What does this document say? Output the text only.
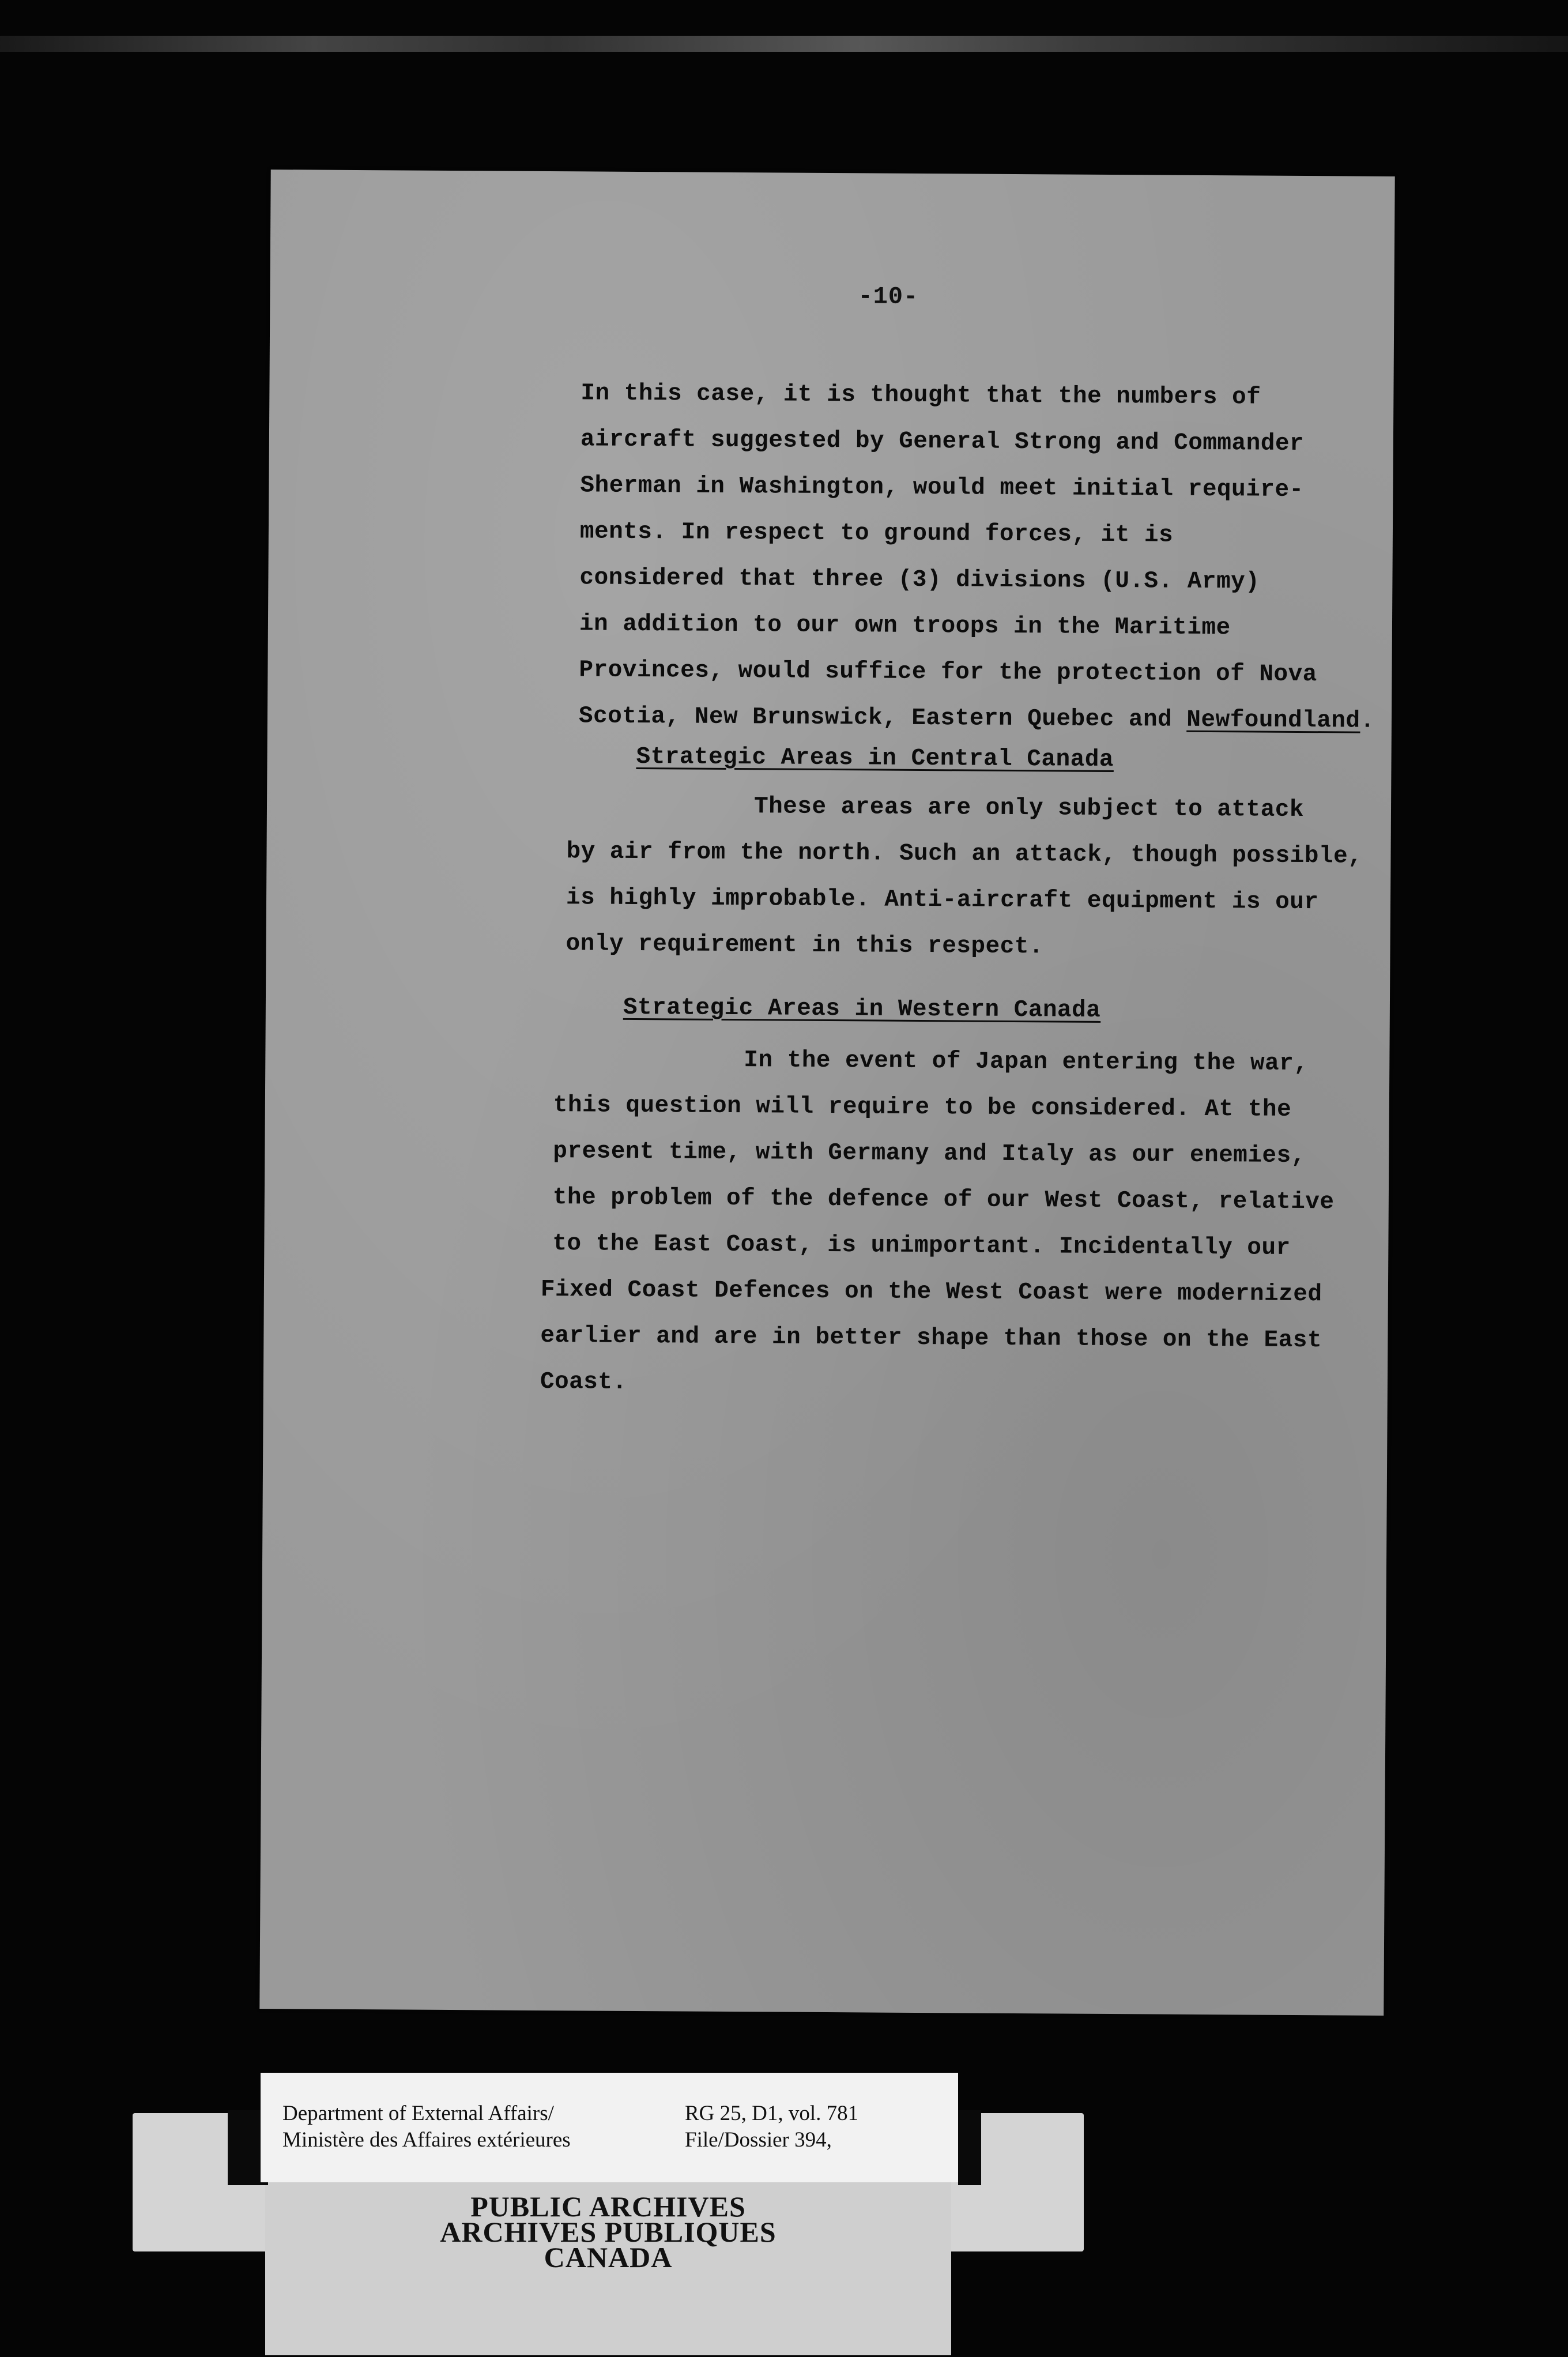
-10-
In this case, it is thought that the numbers of
aircraft suggested by General Strong and Commander
Sherman in Washington, would meet initial require-
ments. In respect to ground forces, it is
considered that three (3) divisions (U.S. Army)
in addition to our own troops in the Maritime
Provinces, would suffice for the protection of Nova
Scotia, New Brunswick, Eastern Quebec and Newfoundland.
Strategic Areas in Central Canada
These areas are only subject to attack
by air from the north. Such an attack, though possible,
is highly improbable. Anti-aircraft equipment is our
only requirement in this respect.
Strategic Areas in Western Canada
In the event of Japan entering the war,
this question will require to be considered. At the
present time, with Germany and Italy as our enemies,
the problem of the defence of our West Coast, relative
to the East Coast, is unimportant. Incidentally our
Fixed Coast Defences on the West Coast were modernized
earlier and are in better shape than those on the East
Coast.
Department of External Affairs/
Ministère des Affaires extérieures
RG 25, D1, vol. 781
File/Dossier 394,
PUBLIC ARCHIVES
ARCHIVES PUBLIQUES
CANADA
